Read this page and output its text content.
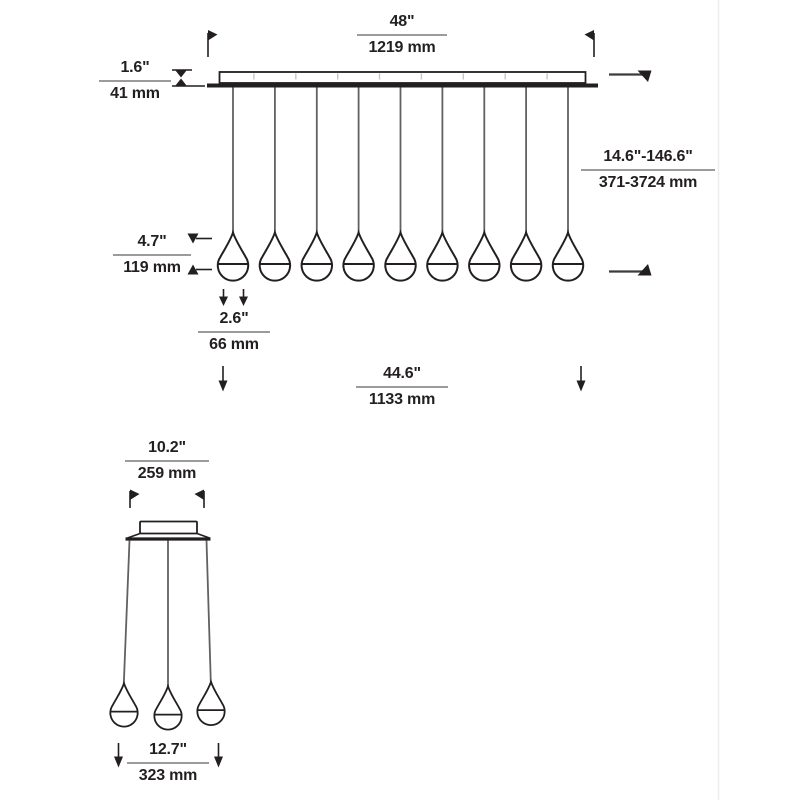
48"
1219 mm
1.6"
41 mm
14.6"-146.6"
371-3724 mm
4.7"
119 mm
2.6"
66 mm
44.6"
1133 mm
10.2"
259 mm
12.7"
323 mm
